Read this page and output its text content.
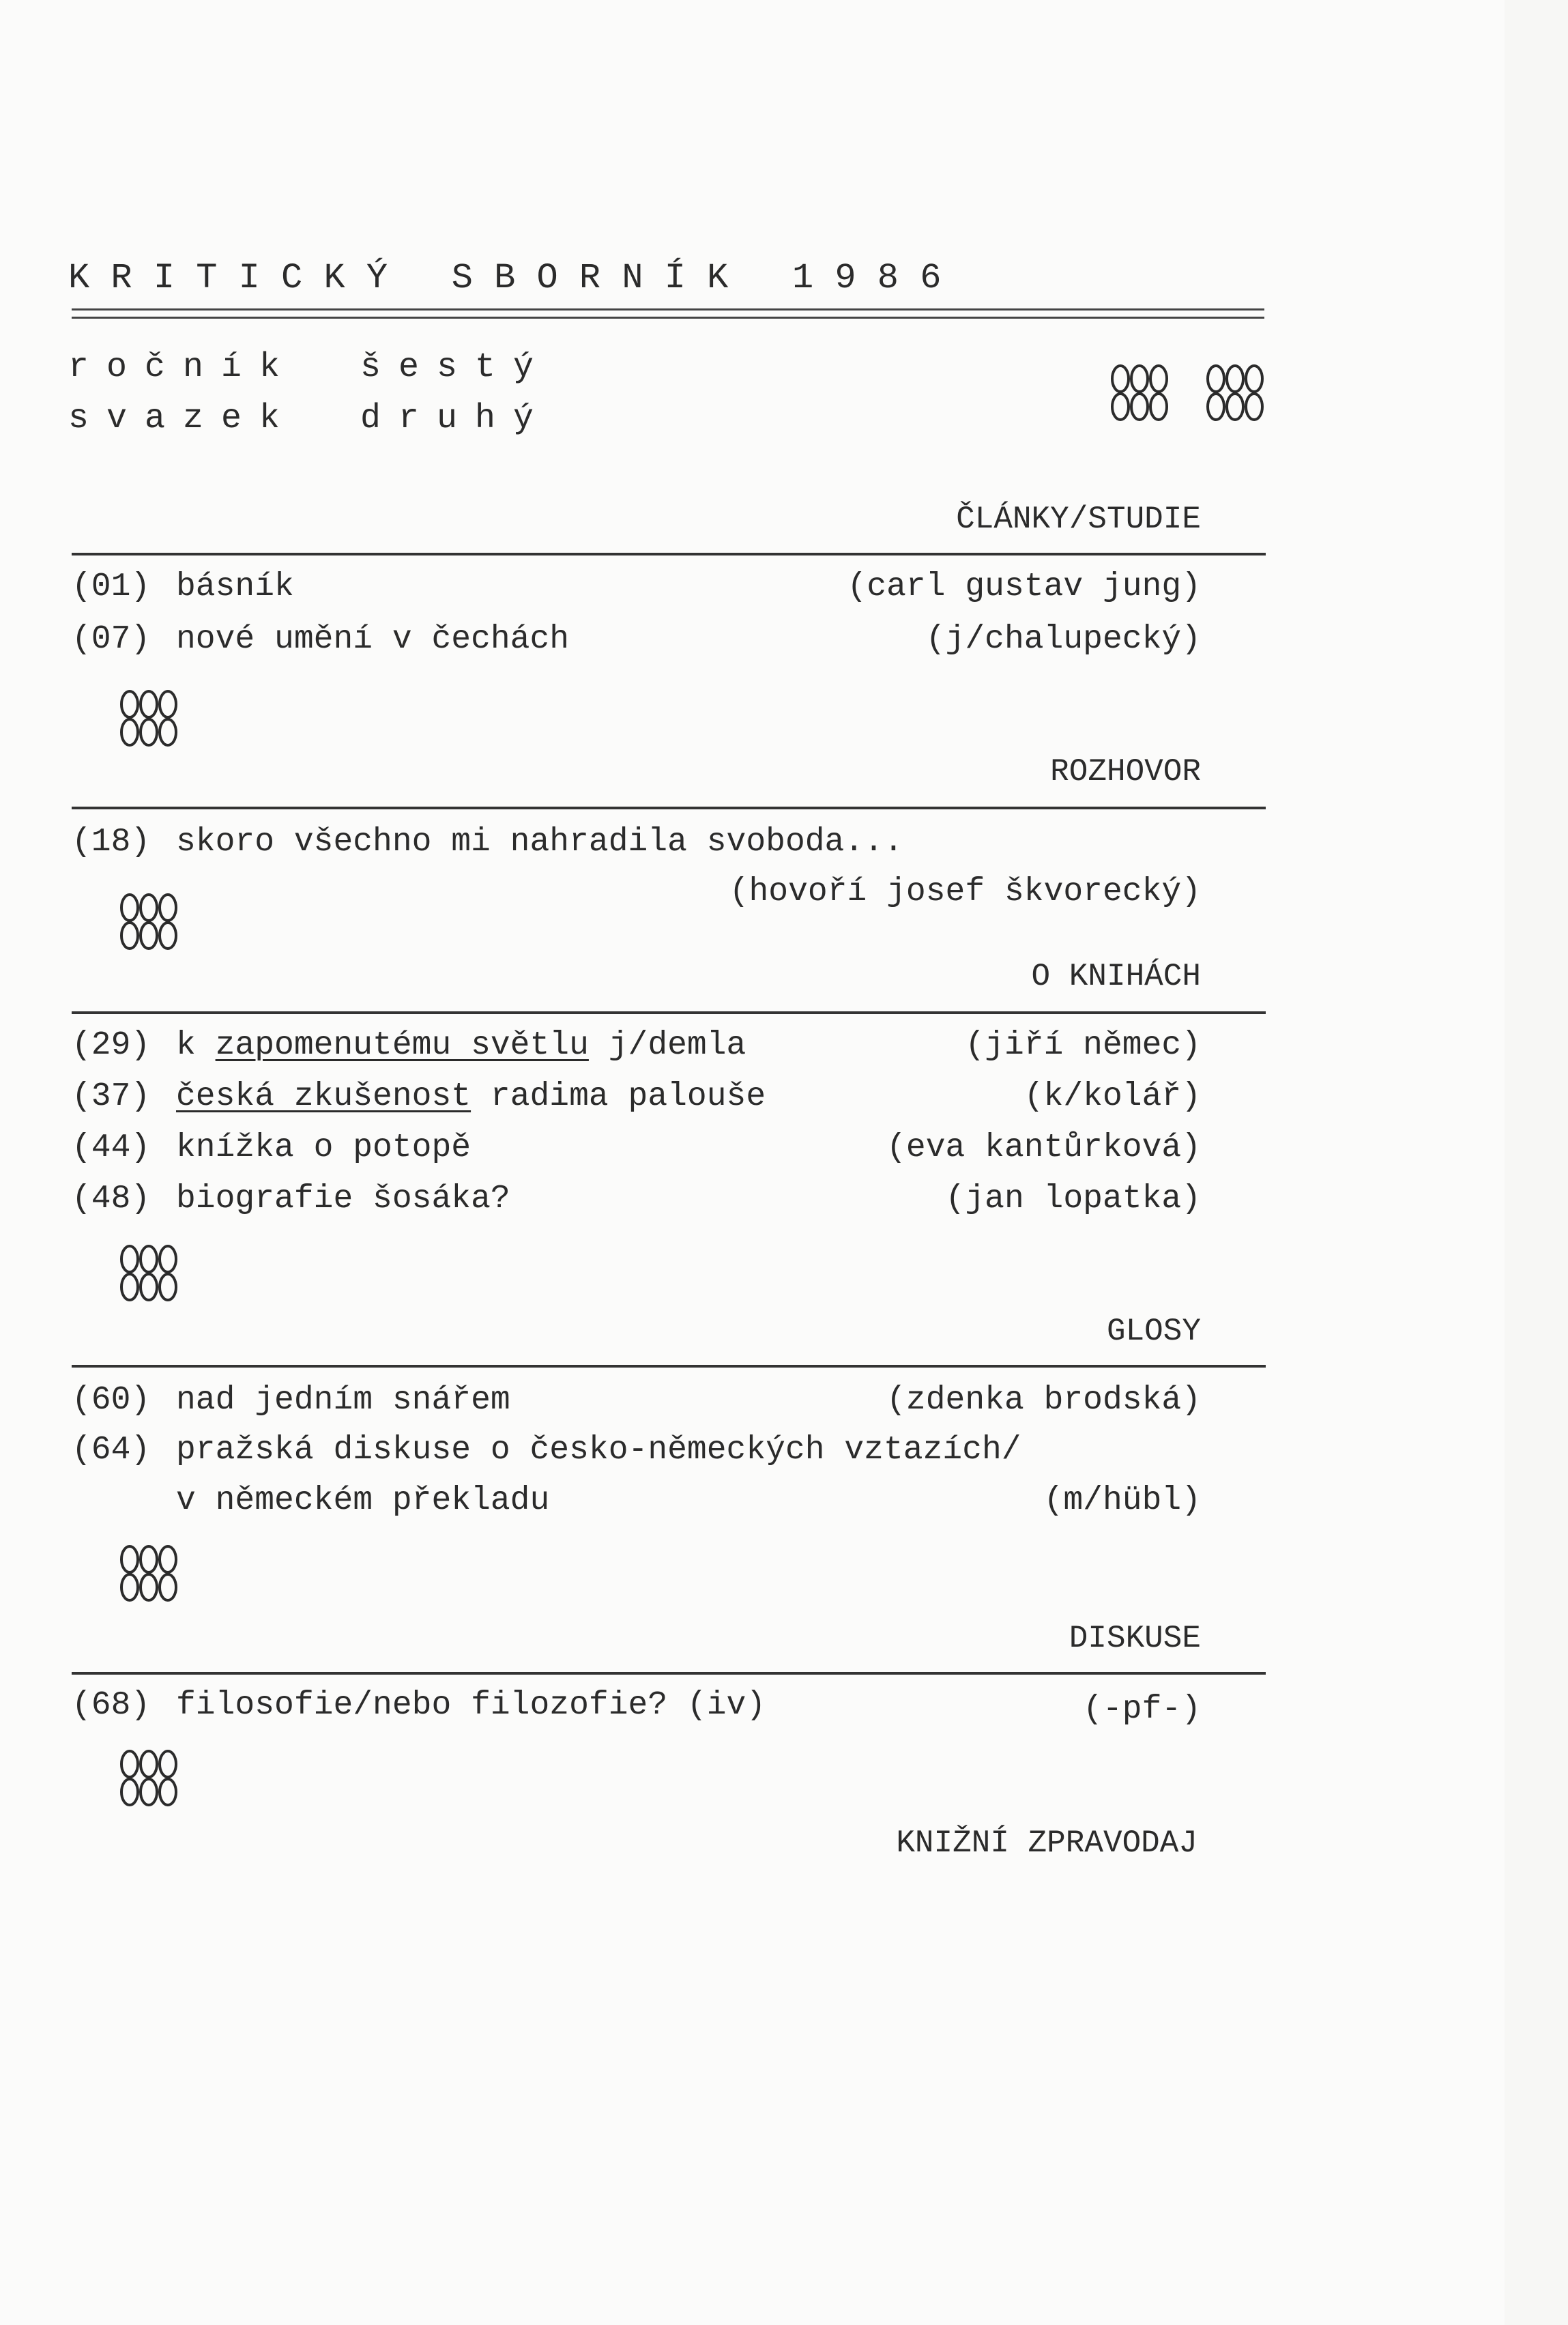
K R I T I C K Ý   S B O R N Í K   1 9 8 6
ročník šestý
svazek druhý

ČLÁNKY/STUDIE
(01) básník	(carl gustav jung)
(07) nové umění v čechách	(j/chalupecký)

ROZHOVOR
(18) skoro všechno mi nahradila svoboda...
(hovoří josef škvorecký)

O KNIHÁCH
(29) k zapomenutému světlu j/demla	(jiří němec)
(37) česká zkušenost radima palouše	(k/kolář)
(44) knížka o potopě	(eva kantůrková)
(48) biografie šosáka?	(jan lopatka)

GLOSY
(60) nad jedním snářem	(zdenka brodská)
(64) pražská diskuse o česko-německých vztazích/
v německém překladu	(m/hübl)

DISKUSE
(68) filosofie/nebo filozofie? (iv)	(-pf-)

KNIŽNÍ ZPRAVODAJ
